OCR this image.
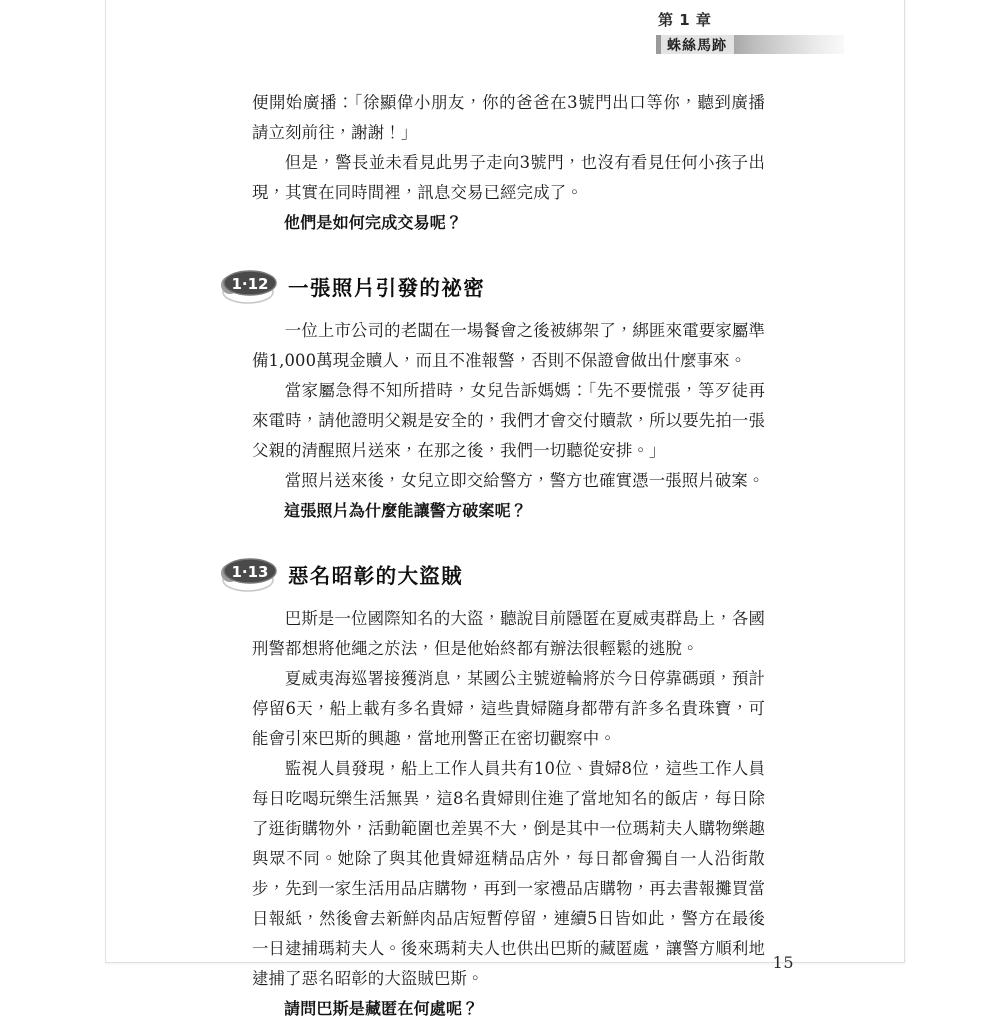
第 1 章
蛛絲馬跡

便開始廣播：「徐顯偉小朋友，你的爸爸在3號門出口等你，聽到廣播請立刻前往，謝謝！」

但是，警長並未看見此男子走向3號門，也沒有看見任何小孩子出現，其實在同時間裡，訊息交易已經完成了。

他們是如何完成交易呢？

1·12 一張照片引發的祕密

一位上市公司的老闆在一場餐會之後被綁架了，綁匪來電要家屬準備1,000萬現金贖人，而且不准報警，否則不保證會做出什麼事來。

當家屬急得不知所措時，女兒告訴媽媽：「先不要慌張，等歹徒再來電時，請他證明父親是安全的，我們才會交付贖款，所以要先拍一張父親的清醒照片送來，在那之後，我們一切聽從安排。」

當照片送來後，女兒立即交給警方，警方也確實憑一張照片破案。

這張照片為什麼能讓警方破案呢？

1·13 惡名昭彰的大盜賊

巴斯是一位國際知名的大盜，聽說目前隱匿在夏威夷群島上，各國刑警都想將他繩之於法，但是他始終都有辦法很輕鬆的逃脫。

夏威夷海巡署接獲消息，某國公主號遊輪將於今日停靠碼頭，預計停留6天，船上載有多名貴婦，這些貴婦隨身都帶有許多名貴珠寶，可能會引來巴斯的興趣，當地刑警正在密切觀察中。

監視人員發現，船上工作人員共有10位、貴婦8位，這些工作人員每日吃喝玩樂生活無異，這8名貴婦則住進了當地知名的飯店，每日除了逛街購物外，活動範圍也差異不大，倒是其中一位瑪莉夫人購物樂趣與眾不同。她除了與其他貴婦逛精品店外，每日都會獨自一人沿街散步，先到一家生活用品店購物，再到一家禮品店購物，再去書報攤買當日報紙，然後會去新鮮肉品店短暫停留，連續5日皆如此，警方在最後一日逮捕瑪莉夫人。後來瑪莉夫人也供出巴斯的藏匿處，讓警方順利地逮捕了惡名昭彰的大盜賊巴斯。

請問巴斯是藏匿在何處呢？

15
